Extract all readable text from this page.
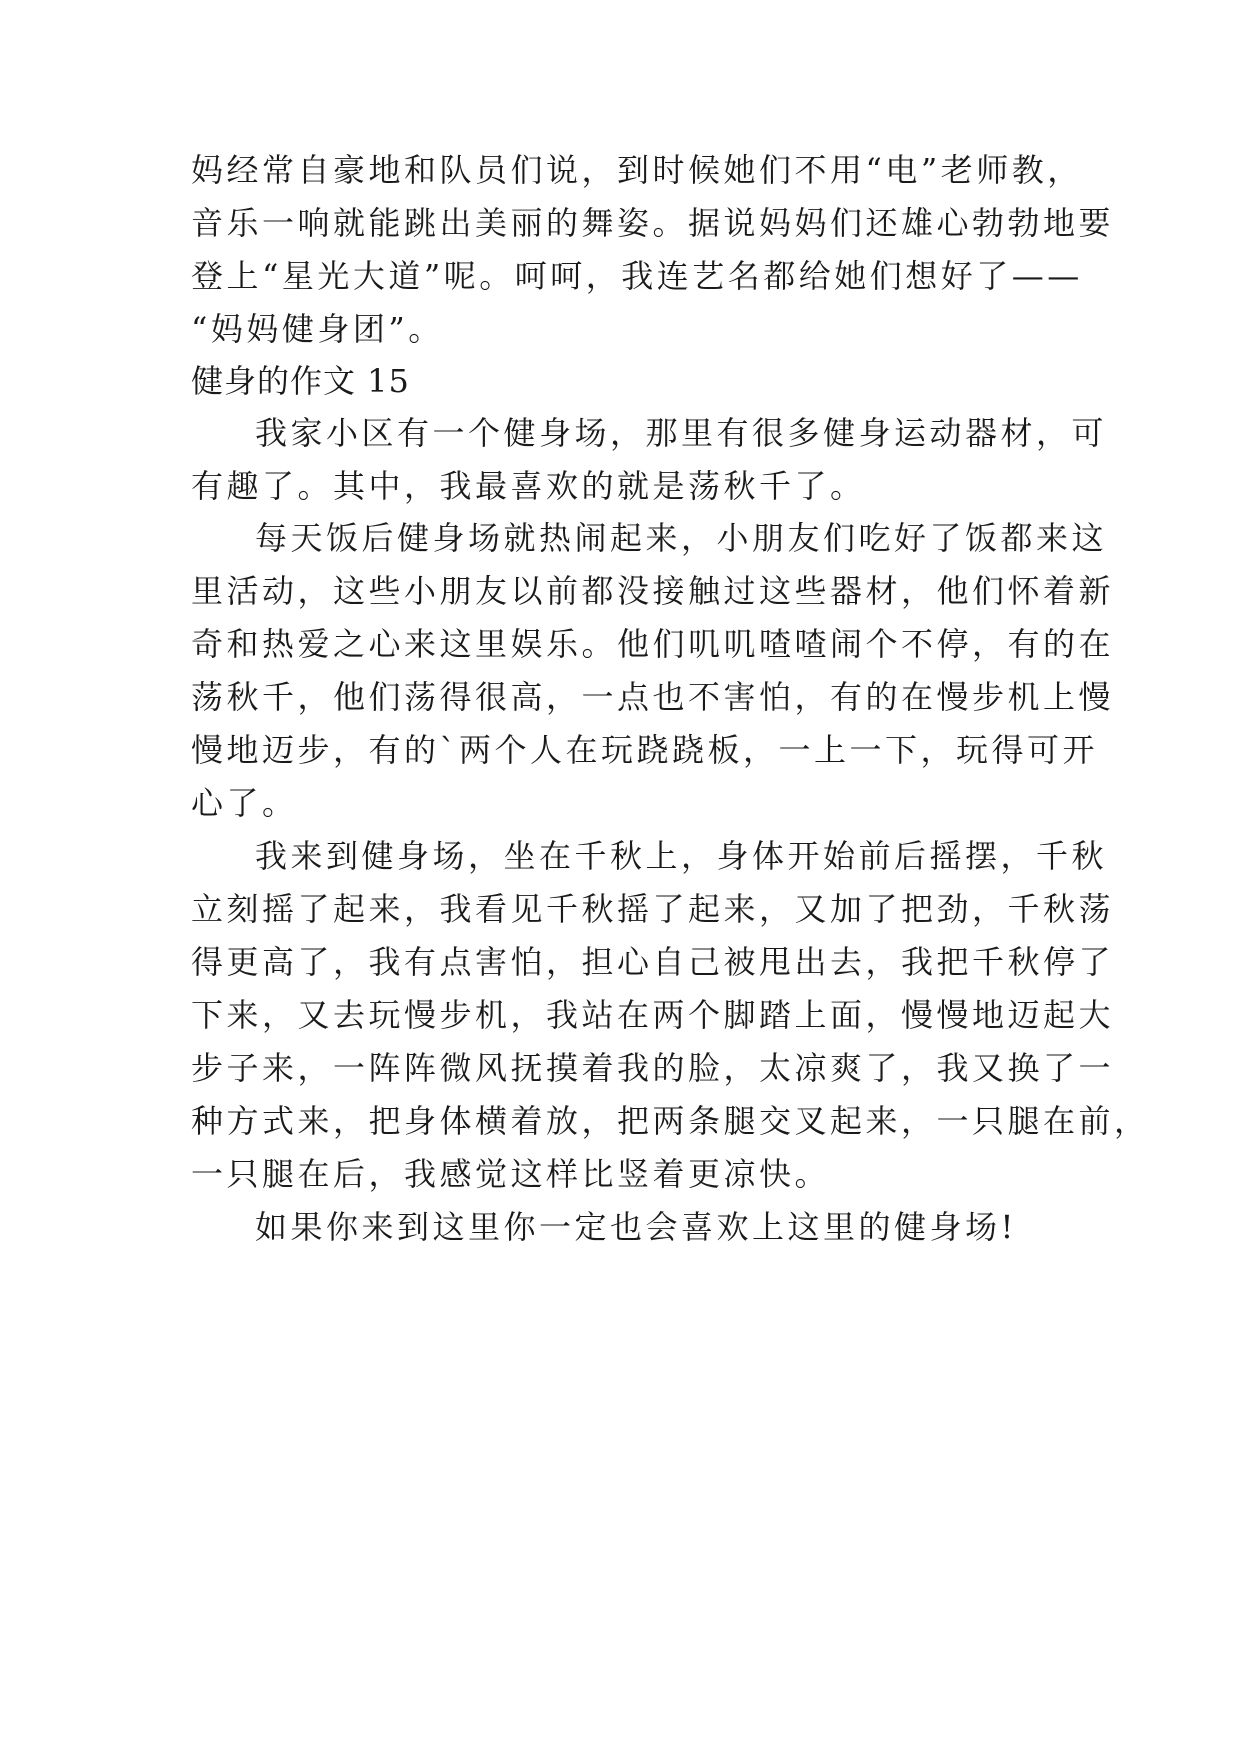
妈经常自豪地和队员们说，到时候她们不用“电”老师教，
音乐一响就能跳出美丽的舞姿。据说妈妈们还雄心勃勃地要
登上“星光大道”呢。呵呵，我连艺名都给她们想好了——
“妈妈健身团”。
健身的作文 15
我家小区有一个健身场，那里有很多健身运动器材，可
有趣了。其中，我最喜欢的就是荡秋千了。
每天饭后健身场就热闹起来，小朋友们吃好了饭都来这
里活动，这些小朋友以前都没接触过这些器材，他们怀着新
奇和热爱之心来这里娱乐。他们叽叽喳喳闹个不停，有的在
荡秋千，他们荡得很高，一点也不害怕，有的在慢步机上慢
慢地迈步，有的`两个人在玩跷跷板，一上一下，玩得可开
心了。
我来到健身场，坐在千秋上，身体开始前后摇摆，千秋
立刻摇了起来，我看见千秋摇了起来，又加了把劲，千秋荡
得更高了，我有点害怕，担心自己被甩出去，我把千秋停了
下来，又去玩慢步机，我站在两个脚踏上面，慢慢地迈起大
步子来，一阵阵微风抚摸着我的脸，太凉爽了，我又换了一
种方式来，把身体横着放，把两条腿交叉起来，一只腿在前，
一只腿在后，我感觉这样比竖着更凉快。
如果你来到这里你一定也会喜欢上这里的健身场!
